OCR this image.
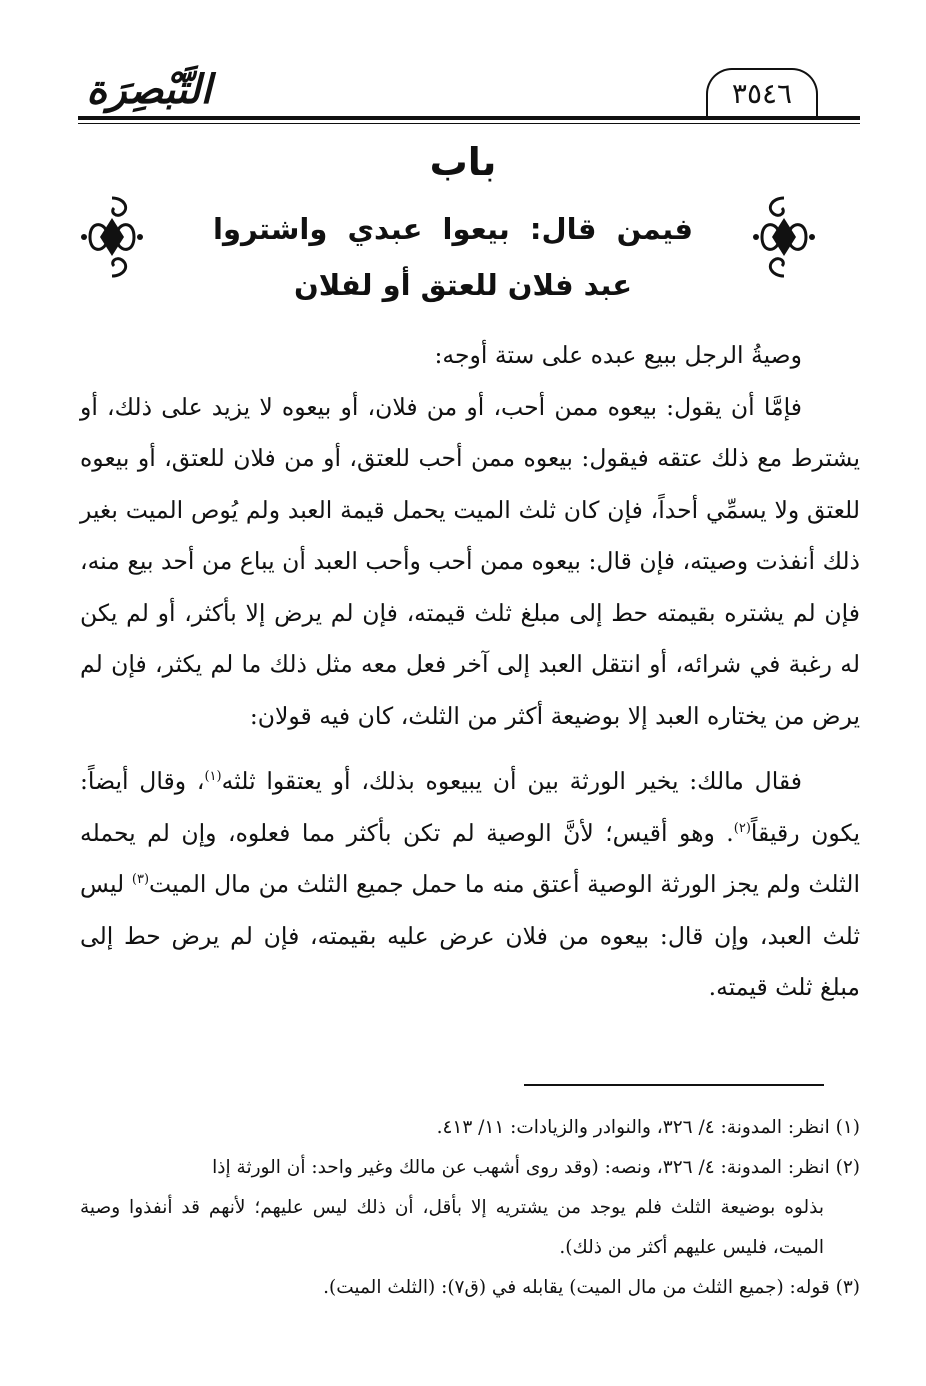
٣٥٤٦
التَّبْصِرَة
باب
فيمن قال: بيعوا عبدي واشتروا
عبد فلان للعتق أو لفلان

وصيةُ الرجل ببيع عبده على ستة أوجه:

فإمَّا أن يقول: بيعوه ممن أحب، أو من فلان، أو بيعوه لا يزيد على ذلك، أو يشترط مع ذلك عتقه فيقول: بيعوه ممن أحب للعتق، أو من فلان للعتق، أو بيعوه للعتق ولا يسمِّي أحداً، فإن كان ثلث الميت يحمل قيمة العبد ولم يُوص الميت بغير ذلك أنفذت وصيته، فإن قال: بيعوه ممن أحب وأحب العبد أن يباع من أحد بيع منه، فإن لم يشتره بقيمته حط إلى مبلغ ثلث قيمته، فإن لم يرض إلا بأكثر، أو لم يكن له رغبة في شرائه، أو انتقل العبد إلى آخر فعل معه مثل ذلك ما لم يكثر، فإن لم يرض من يختاره العبد إلا بوضيعة أكثر من الثلث، كان فيه قولان:

فقال مالك: يخير الورثة بين أن يبيعوه بذلك، أو يعتقوا ثلثه$^{(١)}$، وقال أيضاً: يكون رقيقاً$^{(٢)}$. وهو أقيس؛ لأنَّ الوصية لم تكن بأكثر مما فعلوه، وإن لم يحمله الثلث ولم يجز الورثة الوصية أعتق منه ما حمل جميع الثلث من مال الميت$^{(٣)}$ ليس ثلث العبد، وإن قال: بيعوه من فلان عرض عليه بقيمته، فإن لم يرض حط إلى مبلغ ثلث قيمته.

(١) انظر: المدونة: ٤/ ٣٢٦، والنوادر والزيادات: ١١/ ٤١٣.

(٢) انظر: المدونة: ٤/ ٣٢٦، ونصه: (وقد روى أشهب عن مالك وغير واحد: أن الورثة إذا

بذلوه بوضيعة الثلث فلم يوجد من يشتريه إلا بأقل، أن ذلك ليس عليهم؛ لأنهم قد أنفذوا وصية الميت، فليس عليهم أكثر من ذلك).

(٣) قوله: (جميع الثلث من مال الميت) يقابله في (ق٧): (الثلث الميت).
